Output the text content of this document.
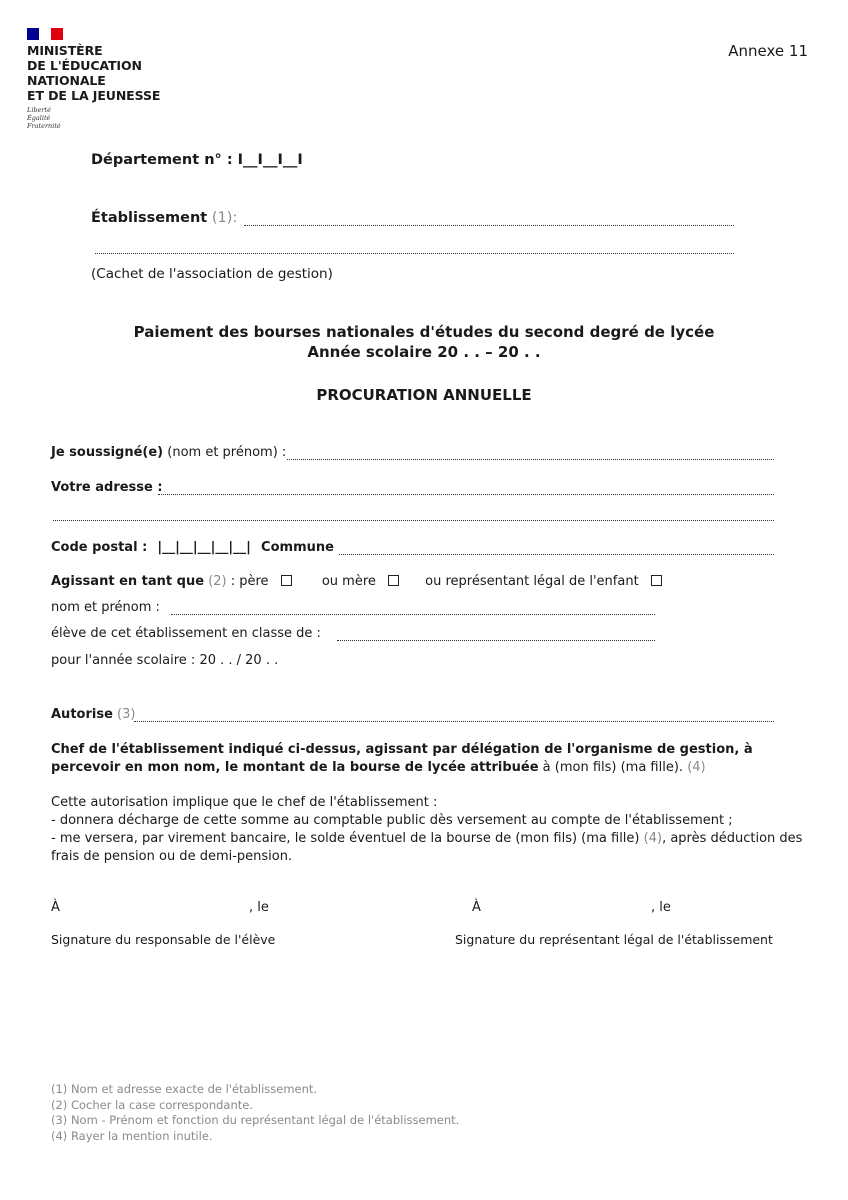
MINISTÈRE
DE L'ÉDUCATION
NATIONALE
ET DE LA JEUNESSE
Liberté
Égalité
Fraternité
Annexe 11
Département n° : I__I__I__I
Établissement (1):
(Cachet de l'association de gestion)
Paiement des bourses nationales d'études du second degré de lycée
Année scolaire 20 . . – 20 . .
PROCURATION ANNUELLE
Je soussigné(e) (nom et prénom) :
Votre adresse :
Code postal : |__|__|__|__|__| Commune
Agissant en tant que (2) : père	ou mère	ou représentant légal de l'enfant
nom et prénom :
élève de cet établissement en classe de :
pour l'année scolaire : 20 . . / 20 . .
Autorise (3)
Chef de l'établissement indiqué ci-dessus, agissant par délégation de l'organisme de gestion, à percevoir en mon nom, le montant de la bourse de lycée attribuée à (mon fils) (ma fille). (4)
Cette autorisation implique que le chef de l'établissement :
- donnera décharge de cette somme au comptable public dès versement au compte de l'établissement ;
- me versera, par virement bancaire, le solde éventuel de la bourse de (mon fils) (ma fille) (4), après déduction des frais de pension ou de demi-pension.
À	, le	À	, le
Signature du responsable de l'élève	Signature du représentant légal de l'établissement
(1) Nom et adresse exacte de l'établissement.
(2) Cocher la case correspondante.
(3) Nom - Prénom et fonction du représentant légal de l'établissement.
(4) Rayer la mention inutile.
